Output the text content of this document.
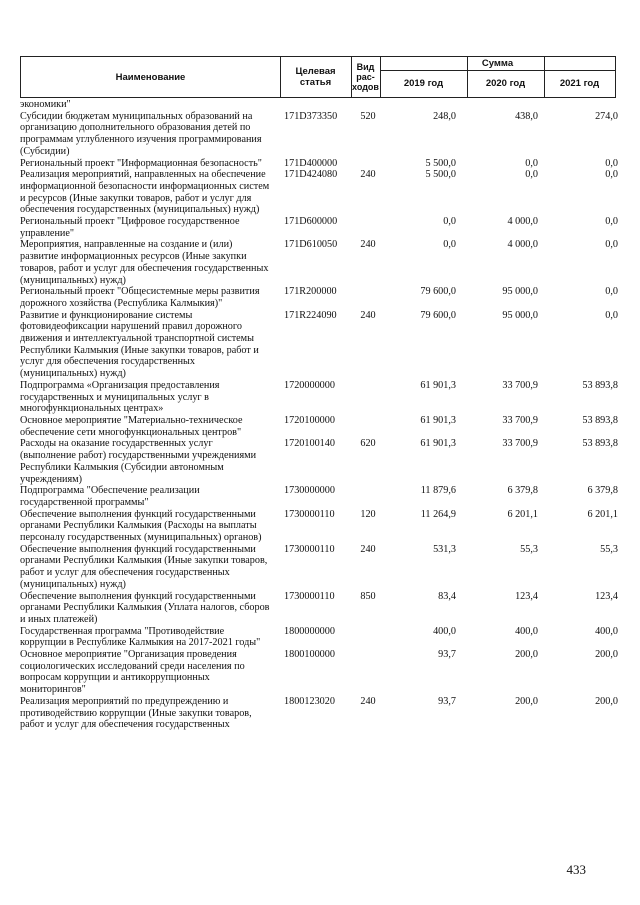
Наименование	Целевая
статья
Вид
рас-
ходов
Сумма
2019 год	2020 год	2021 год
экономики"
Субсидии бюджетам муниципальных образований на организацию дополнительного образования детей по программам углубленного изучения программирования (Субсидии)
171D373350	520	248,0	438,0	274,0
Региональный проект "Информационная безопасность"	171D400000	5 500,0	0,0	0,0
Реализация мероприятий, направленных на обеспечение информационной безопасности информационных систем и ресурсов (Иные закупки товаров, работ и услуг для обеспечения государственных (муниципальных) нужд)
171D424080	240	5 500,0	0,0	0,0
Региональный проект "Цифровое государственное управление"
171D600000	0,0	4 000,0	0,0
Мероприятия, направленные на создание и (или) развитие информационных ресурсов (Иные закупки товаров, работ и услуг для обеспечения государственных (муниципальных) нужд)
171D610050	240	0,0	4 000,0	0,0
Региональный проект "Общесистемные меры развития дорожного хозяйства (Республика Калмыкия)"
171R200000	79 600,0	95 000,0	0,0
Развитие и функционирование системы фотовидеофиксации нарушений правил дорожного движения и интеллектуальной транспортной системы Республики Калмыкия (Иные закупки товаров, работ и услуг для обеспечения государственных (муниципальных) нужд)
171R224090	240	79 600,0	95 000,0	0,0
Подпрограмма «Организация предоставления государственных и муниципальных услуг в многофункциональных центрах»
1720000000	61 901,3	33 700,9	53 893,8
Основное мероприятие "Материально-техническое обеспечение сети многофункциональных центров"
1720100000	61 901,3	33 700,9	53 893,8
Расходы на оказание государственных услуг (выполнение работ) государственными учреждениями Республики Калмыкия (Субсидии автономным учреждениям)
1720100140	620	61 901,3	33 700,9	53 893,8
Подпрограмма "Обеспечение реализации государственной программы"
1730000000	11 879,6	6 379,8	6 379,8
Обеспечение выполнения функций государственными органами Республики Калмыкия (Расходы на выплаты персоналу государственных (муниципальных) органов)
1730000110	120	11 264,9	6 201,1	6 201,1
Обеспечение выполнения функций государственными органами Республики Калмыкия (Иные закупки товаров, работ и услуг для обеспечения государственных (муниципальных) нужд)
1730000110	240	531,3	55,3	55,3
Обеспечение выполнения функций государственными органами Республики Калмыкия (Уплата налогов, сборов и иных платежей)
1730000110	850	83,4	123,4	123,4
Государственная программа "Противодействие коррупции в Республике Калмыкия на 2017-2021 годы"
1800000000	400,0	400,0	400,0
Основное мероприятие "Организация проведения социологических исследований среди населения по вопросам коррупции и антикоррупционных мониторингов"
1800100000	93,7	200,0	200,0
Реализация мероприятий по предупреждению и противодействию коррупции (Иные закупки товаров, работ и услуг для обеспечения государственных
1800123020	240	93,7	200,0	200,0
433
